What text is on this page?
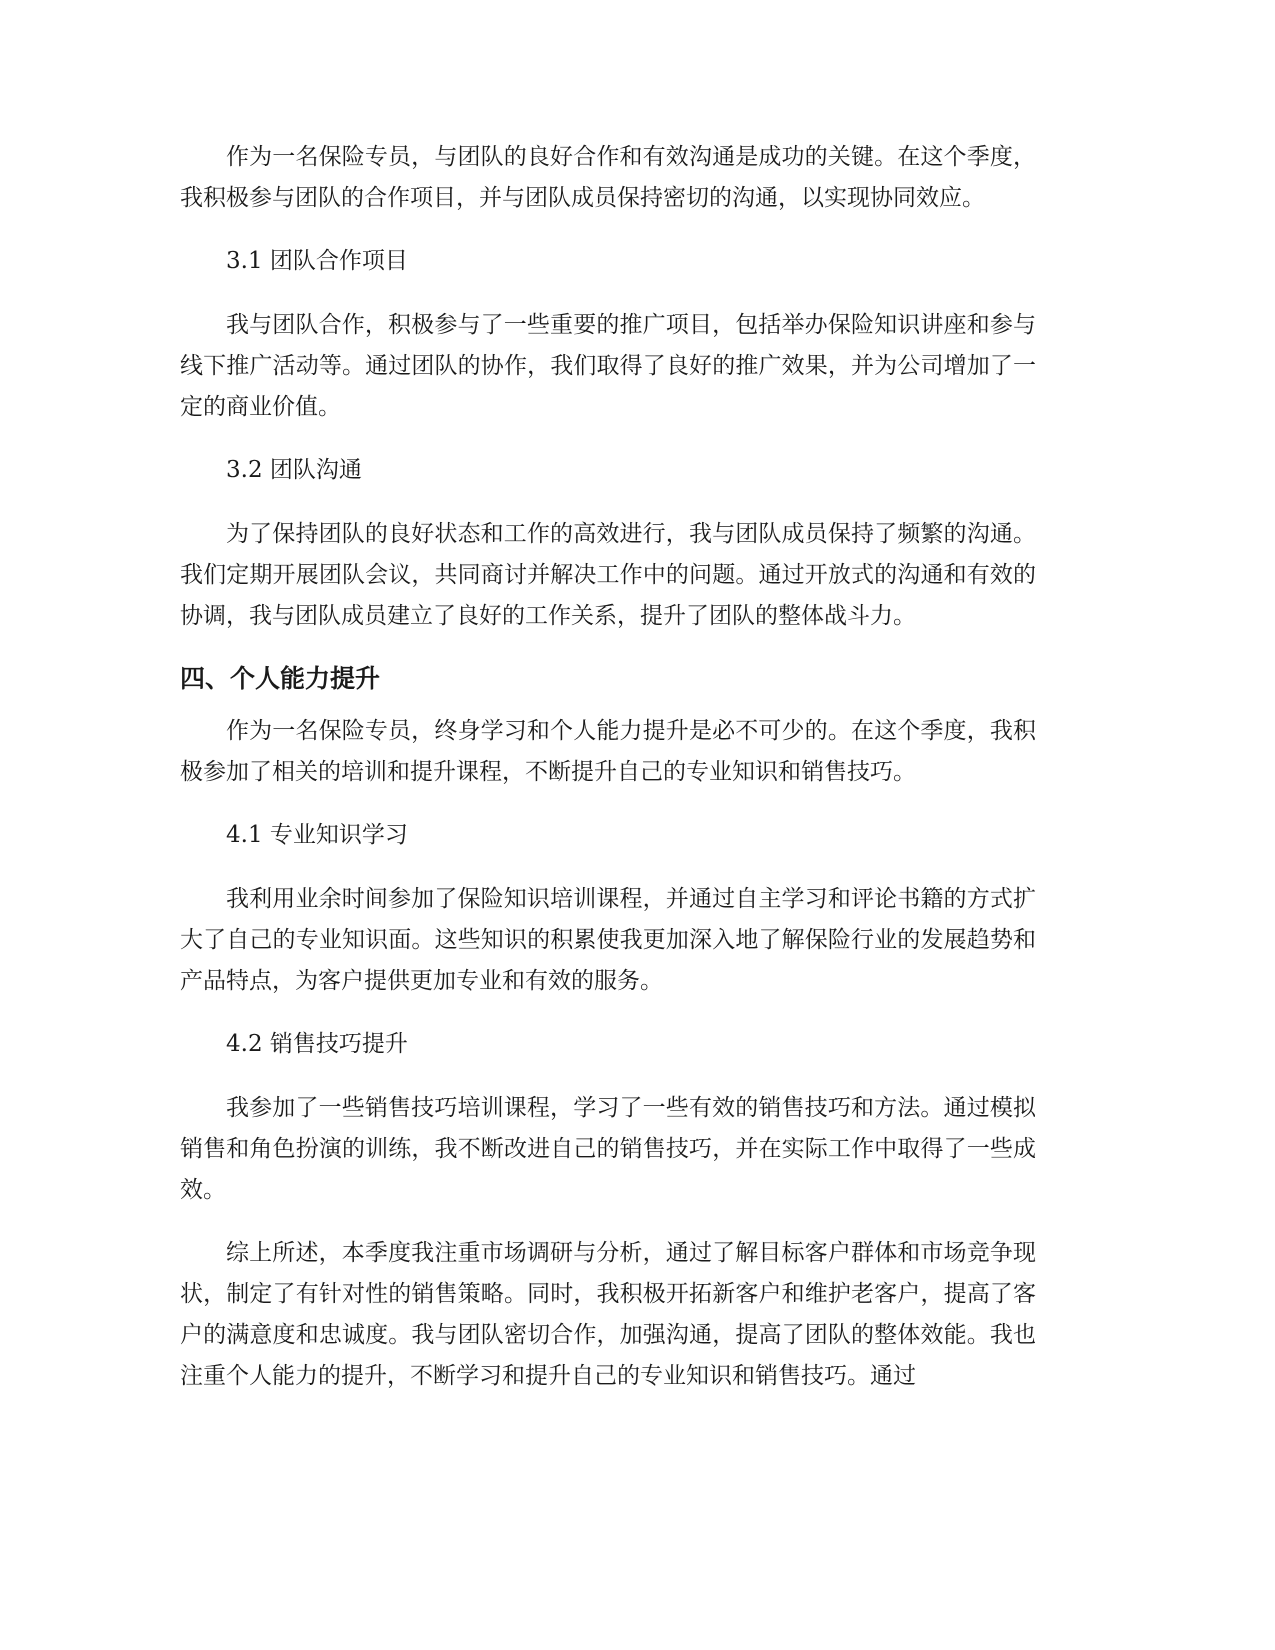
作为一名保险专员，与团队的良好合作和有效沟通是成功的关键。在这个季度，我积极参与团队的合作项目，并与团队成员保持密切的沟通，以实现协同效应。

3.1 团队合作项目

我与团队合作，积极参与了一些重要的推广项目，包括举办保险知识讲座和参与线下推广活动等。通过团队的协作，我们取得了良好的推广效果，并为公司增加了一定的商业价值。

3.2 团队沟通

为了保持团队的良好状态和工作的高效进行，我与团队成员保持了频繁的沟通。我们定期开展团队会议，共同商讨并解决工作中的问题。通过开放式的沟通和有效的协调，我与团队成员建立了良好的工作关系，提升了团队的整体战斗力。

四、个人能力提升

作为一名保险专员，终身学习和个人能力提升是必不可少的。在这个季度，我积极参加了相关的培训和提升课程，不断提升自己的专业知识和销售技巧。

4.1 专业知识学习

我利用业余时间参加了保险知识培训课程，并通过自主学习和评论书籍的方式扩大了自己的专业知识面。这些知识的积累使我更加深入地了解保险行业的发展趋势和产品特点，为客户提供更加专业和有效的服务。

4.2 销售技巧提升

我参加了一些销售技巧培训课程，学习了一些有效的销售技巧和方法。通过模拟销售和角色扮演的训练，我不断改进自己的销售技巧，并在实际工作中取得了一些成效。

综上所述，本季度我注重市场调研与分析，通过了解目标客户群体和市场竞争现状，制定了有针对性的销售策略。同时，我积极开拓新客户和维护老客户，提高了客户的满意度和忠诚度。我与团队密切合作，加强沟通，提高了团队的整体效能。我也注重个人能力的提升，不断学习和提升自己的专业知识和销售技巧。通过
